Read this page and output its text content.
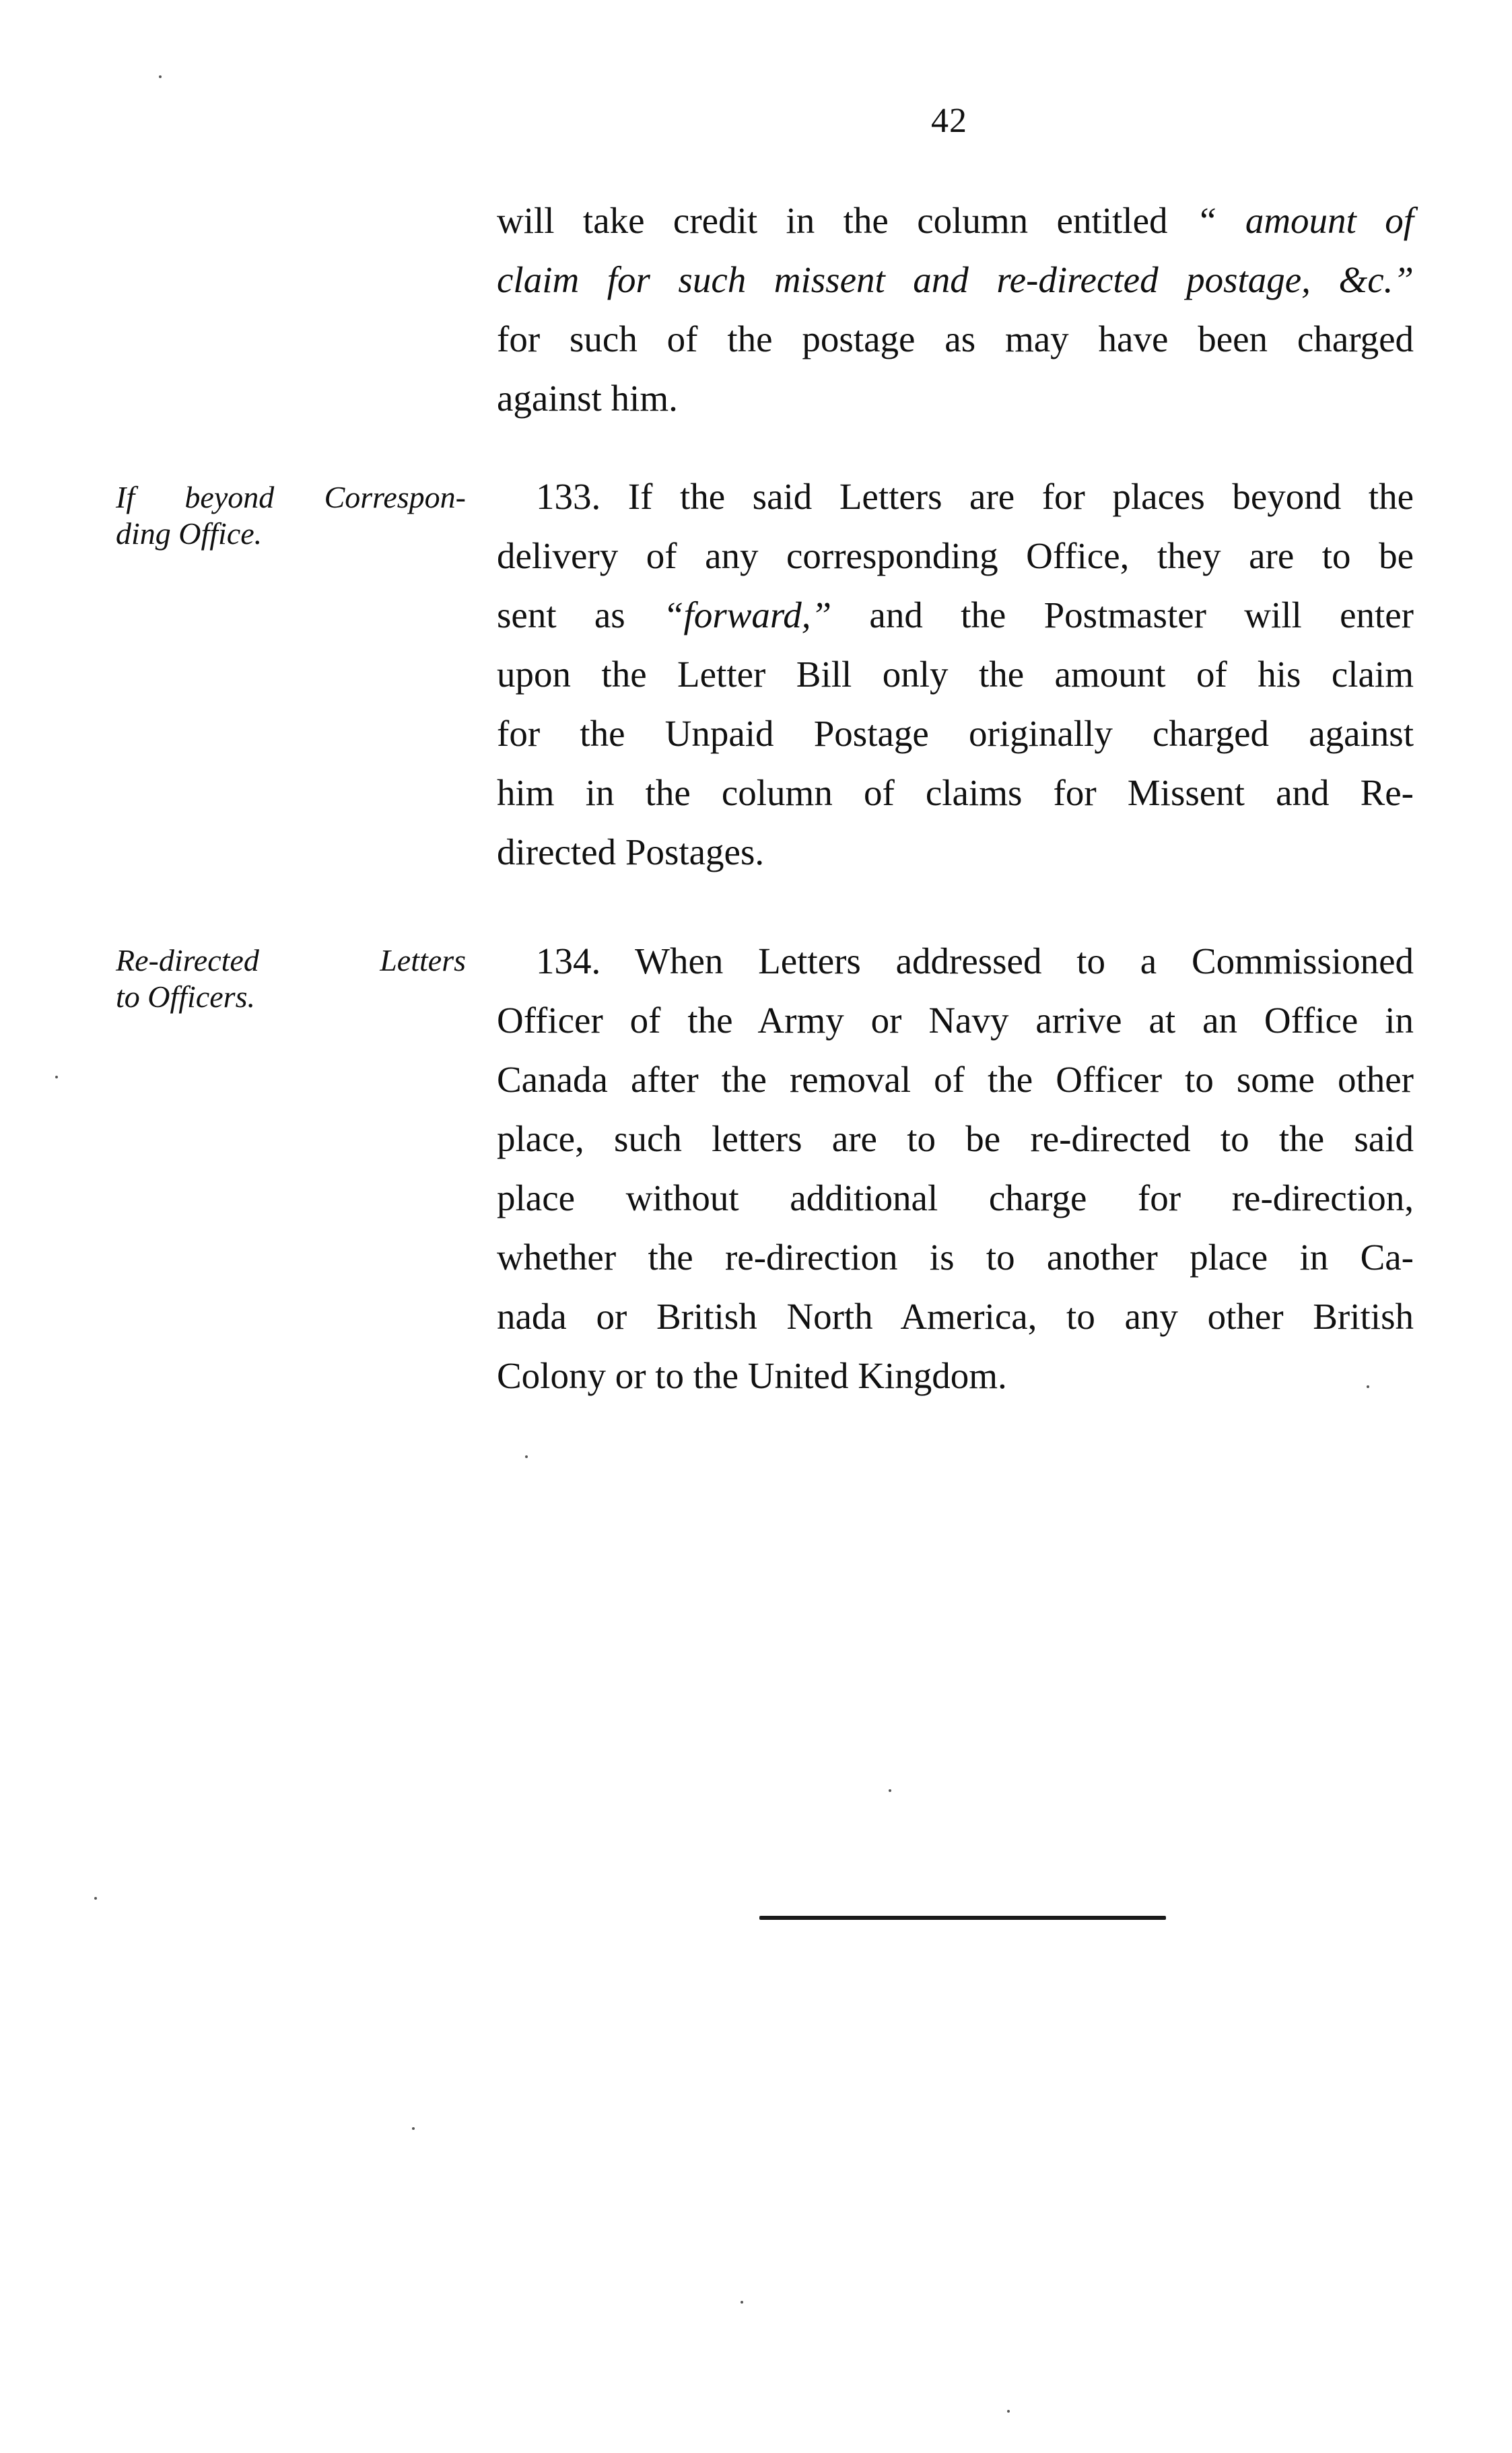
42
will take credit in the column entitled “ amount of
claim for such missent and re-directed postage, &c.”
for such of the postage as may have been charged
against him.
133. If the said Letters are for places beyond the
delivery of any corresponding Office, they are to be
sent as “forward,” and the Postmaster will enter
upon the Letter Bill only the amount of his claim
for the Unpaid Postage originally charged against
him in the column of claims for Missent and Re-
directed Postages.
134. When Letters addressed to a Commissioned
Officer of the Army or Navy arrive at an Office in
Canada after the removal of the Officer to some other
place, such letters are to be re-directed to the said
place without additional charge for re-direction,
whether the re-direction is to another place in Ca-
nada or British North America, to any other British
Colony or to the United Kingdom.
If beyond Correspon-
ding Office.
Re-directed Letters
to Officers.
